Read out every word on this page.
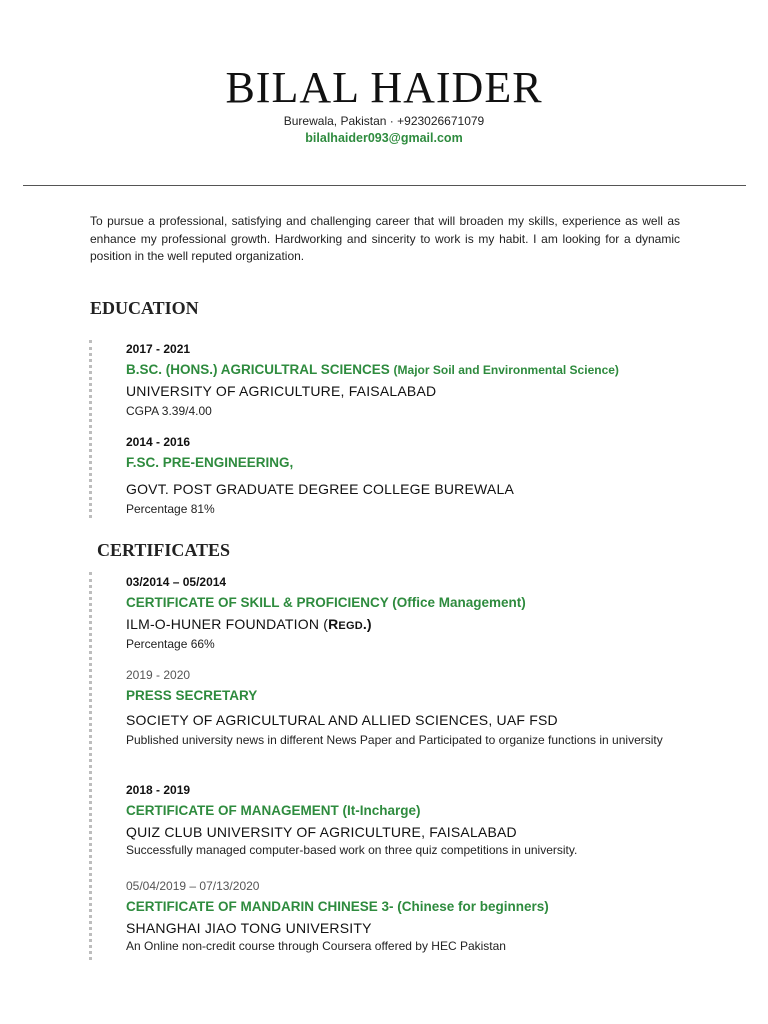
BILAL HAIDER
Burewala, Pakistan · +923026671079
bilalhaider093@gmail.com
To pursue a professional, satisfying and challenging career that will broaden my skills, experience as well as enhance my professional growth. Hardworking and sincerity to work is my habit. I am looking for a dynamic position in the well reputed organization.
EDUCATION
2017 - 2021
B.SC. (HONS.) AGRICULTRAL SCIENCES (Major Soil and Environmental Science)
UNIVERSITY OF AGRICULTURE, FAISALABAD
CGPA 3.39/4.00
2014 - 2016
F.SC. PRE-ENGINEERING,
GOVT. POST GRADUATE DEGREE COLLEGE BUREWALA
Percentage 81%
CERTIFICATES
03/2014 – 05/2014
CERTIFICATE OF SKILL & PROFICIENCY (Office Management)
ILM-O-HUNER FOUNDATION (REGD.)
Percentage 66%
2019 - 2020
PRESS SECRETARY
SOCIETY OF AGRICULTURAL AND ALLIED SCIENCES, UAF FSD
Published university news in different News Paper and Participated to organize functions in university
2018 - 2019
CERTIFICATE OF MANAGEMENT (It-Incharge)
QUIZ CLUB UNIVERSITY OF AGRICULTURE, FAISALABAD
Successfully managed computer-based work on three quiz competitions in university.
05/04/2019 – 07/13/2020
CERTIFICATE OF MANDARIN CHINESE 3- (Chinese for beginners)
SHANGHAI JIAO TONG UNIVERSITY
An Online non-credit course through Coursera offered by HEC Pakistan
